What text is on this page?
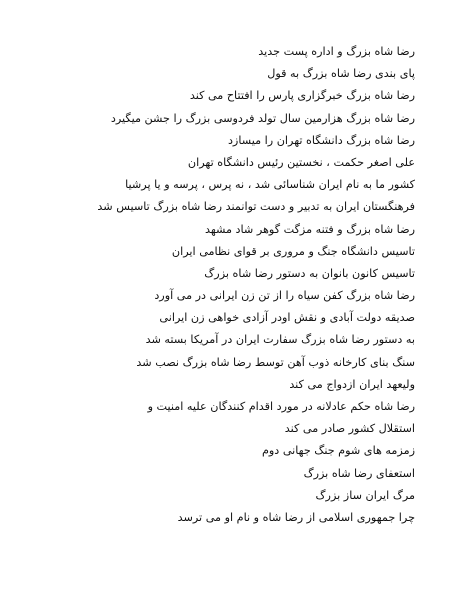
رضا شاه بزرگ و اداره پست جدید
پای بندی رضا شاه بزرگ به قول
رضا شاه بزرگ خبرگزاری پارس را افتتاح می کند
رضا شاه بزرگ هزارمین سال تولد فردوسی بزرگ را جشن میگیرد
رضا شاه بزرگ دانشگاه تهران را میسازد
علی اصغر حکمت ، نخستین رئیس دانشگاه تهران
کشور ما به نام ایران شناسائی شد ، نه پرس ، پرسه و یا پرشیا
فرهنگستان ایران به تدبیر و دست توانمند رضا شاه بزرگ تاسیس شد
رضا شاه بزرگ و فتنه مزگت گوهر شاد مشهد
تاسیس دانشگاه جنگ و مروری بر قوای نظامی ایران
تاسیس کانون بانوان به دستور رضا شاه بزرگ
رضا شاه بزرگ کفن سیاه را از تن زن ایرانی در می آورد
صدیقه دولت آبادی و نقش اودر آزادی خواهی زن ایرانی
به دستور رضا شاه بزرگ سفارت ایران در آمریکا بسته شد
سنگ بنای کارخانه ذوب آهن توسط رضا شاه بزرگ نصب شد
ولیعهد ایران ازدواج می کند
رضا شاه حکم عادلانه در مورد اقدام کنندگان علیه امنیت و
استقلال کشور صادر می کند
زمزمه های شوم جنگ جهانی دوم
استعفای رضا شاه بزرگ
مرگ ایران ساز بزرگ
چرا جمهوری اسلامی از رضا شاه و نام او می ترسد
